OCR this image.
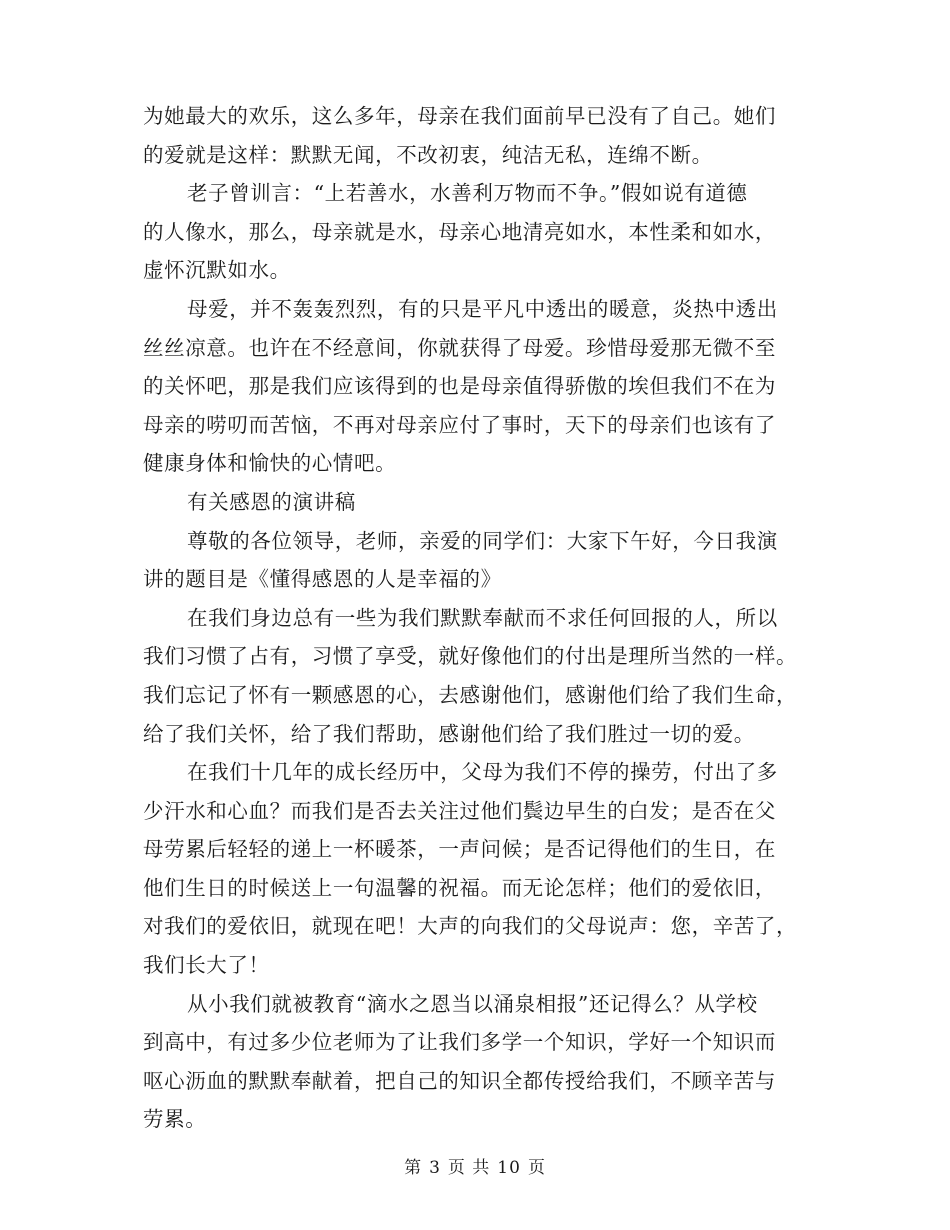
为她最大的欢乐，这么多年，母亲在我们面前早已没有了自己。她们
的爱就是这样：默默无闻，不改初衷，纯洁无私，连绵不断。
老子曾训言：“上若善水，水善利万物而不争。”假如说有道德
的人像水，那么，母亲就是水，母亲心地清亮如水，本性柔和如水，
虚怀沉默如水。
母爱，并不轰轰烈烈，有的只是平凡中透出的暖意，炎热中透出
丝丝凉意。也许在不经意间，你就获得了母爱。珍惜母爱那无微不至
的关怀吧，那是我们应该得到的也是母亲值得骄傲的埃但我们不在为
母亲的唠叨而苦恼，不再对母亲应付了事时，天下的母亲们也该有了
健康身体和愉快的心情吧。
有关感恩的演讲稿
尊敬的各位领导，老师，亲爱的同学们：大家下午好，今日我演
讲的题目是《懂得感恩的人是幸福的》
在我们身边总有一些为我们默默奉献而不求任何回报的人，所以
我们习惯了占有，习惯了享受，就好像他们的付出是理所当然的一样。
我们忘记了怀有一颗感恩的心，去感谢他们，感谢他们给了我们生命，
给了我们关怀，给了我们帮助，感谢他们给了我们胜过一切的爱。
在我们十几年的成长经历中，父母为我们不停的操劳，付出了多
少汗水和心血？而我们是否去关注过他们鬓边早生的白发；是否在父
母劳累后轻轻的递上一杯暖茶，一声问候；是否记得他们的生日，在
他们生日的时候送上一句温馨的祝福。而无论怎样；他们的爱依旧，
对我们的爱依旧，就现在吧！大声的向我们的父母说声：您，辛苦了，
我们长大了！
从小我们就被教育“滴水之恩当以涌泉相报”还记得么？从学校
到高中，有过多少位老师为了让我们多学一个知识，学好一个知识而
呕心沥血的默默奉献着，把自己的知识全都传授给我们，不顾辛苦与
劳累。
第 3 页 共 10 页
